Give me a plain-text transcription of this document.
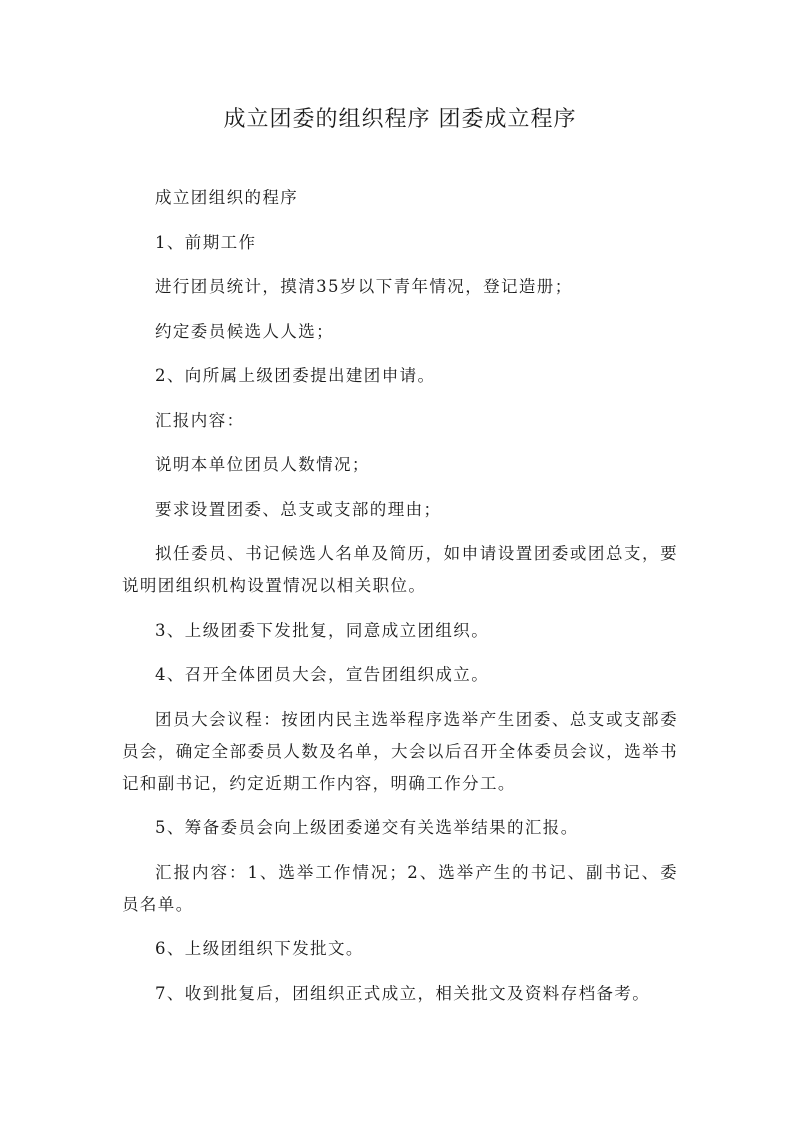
成立团委的组织程序 团委成立程序

成立团组织的程序

1、前期工作

进行团员统计，摸清35岁以下青年情况，登记造册；

约定委员候选人人选；

2、向所属上级团委提出建团申请。

汇报内容：

说明本单位团员人数情况；

要求设置团委、总支或支部的理由；

拟任委员、书记候选人名单及简历，如申请设置团委或团总支，要说明团组织机构设置情况以相关职位。

3、上级团委下发批复，同意成立团组织。

4、召开全体团员大会，宣告团组织成立。

团员大会议程：按团内民主选举程序选举产生团委、总支或支部委员会，确定全部委员人数及名单，大会以后召开全体委员会议，选举书记和副书记，约定近期工作内容，明确工作分工。

5、筹备委员会向上级团委递交有关选举结果的汇报。

汇报内容：1、选举工作情况；2、选举产生的书记、副书记、委员名单。

6、上级团组织下发批文。

7、收到批复后，团组织正式成立，相关批文及资料存档备考。
